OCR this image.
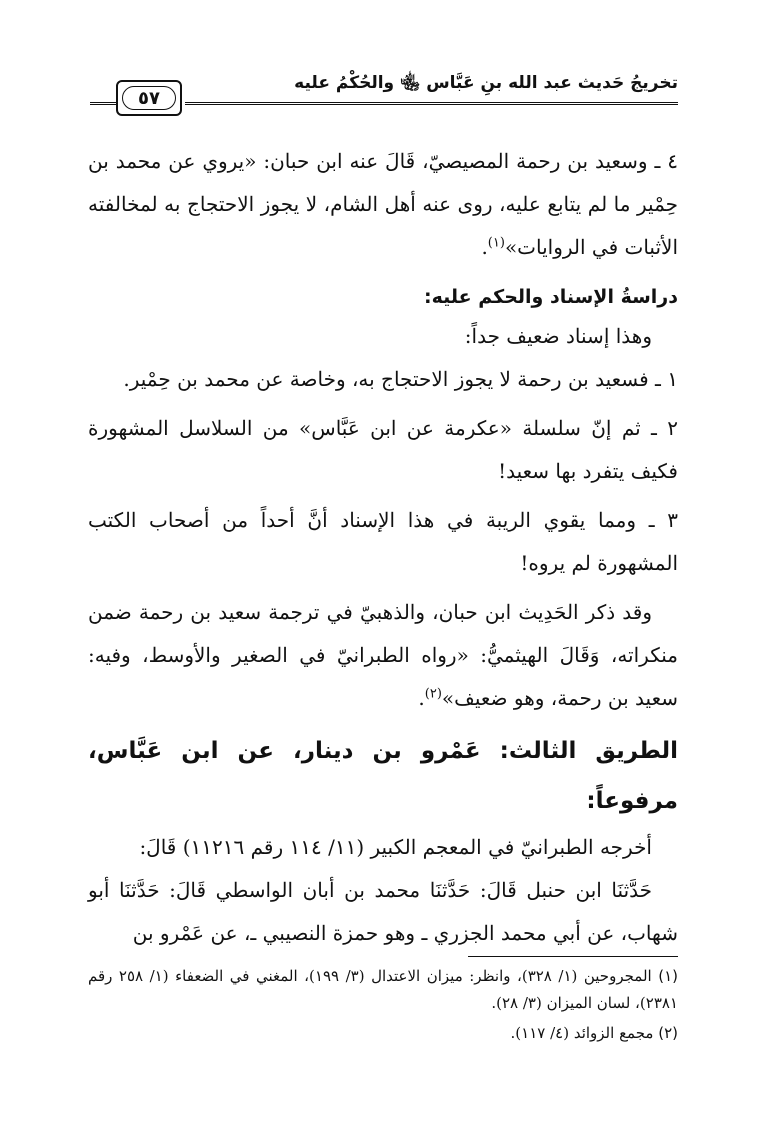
٥٧
تخريجُ حَديث عبد الله بنِ عَبَّاس ﵄ والحُكْمُ عليه

٤ ـ وسعيد بن رحمة المصيصيّ، قَالَ عنه ابن حبان: «يروي عن محمد بن حِمْير ما لم يتابع عليه، روى عنه أهل الشام، لا يجوز الاحتجاج به لمخالفته الأثبات في الروايات»$^{(١)}$.

دراسةُ الإسناد والحكم عليه:

وهذا إسناد ضعيف جداً:

١ ـ فسعيد بن رحمة لا يجوز الاحتجاج به، وخاصة عن محمد بن حِمْير.

٢ ـ ثم إنّ سلسلة «عكرمة عن ابن عَبَّاس» من السلاسل المشهورة فكيف يتفرد بها سعيد!

٣ ـ ومما يقوي الريبة في هذا الإسناد أنَّ أحداً من أصحاب الكتب المشهورة لم يروه!

وقد ذكر الحَدِيث ابن حبان، والذهبيّ في ترجمة سعيد بن رحمة ضمن منكراته، وَقَالَ الهيثميُّ: «رواه الطبرانيّ في الصغير والأوسط، وفيه: سعيد بن رحمة، وهو ضعيف»$^{(٢)}$.

الطريق الثالث: عَمْرو بن دينار، عن ابن عَبَّاس، مرفوعاً:

أخرجه الطبرانيّ في المعجم الكبير (١١/ ١١٤ رقم ١١٢١٦) قَالَ:

حَدَّثنَا ابن حنبل قَالَ: حَدَّثنَا محمد بن أبان الواسطي قَالَ: حَدَّثنَا أبو شهاب، عن أبي محمد الجزري ـ وهو حمزة النصيبي ـ، عن عَمْرو بن

(١) المجروحين (١/ ٣٢٨)، وانظر: ميزان الاعتدال (٣/ ١٩٩)، المغني في الضعفاء (١/ ٢٥٨ رقم ٢٣٨١)، لسان الميزان (٣/ ٢٨).

(٢) مجمع الزوائد (٤/ ١١٧).
